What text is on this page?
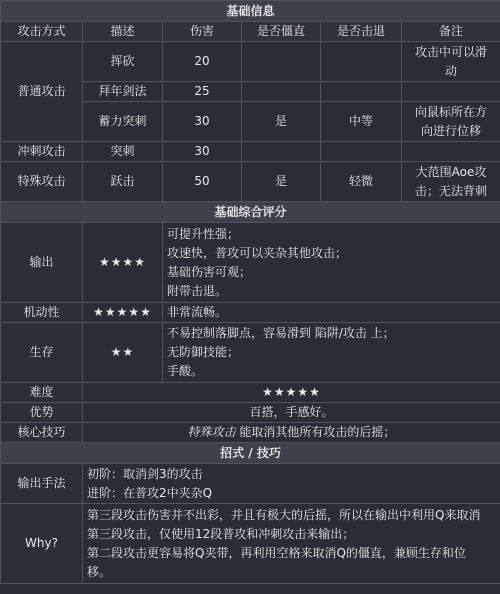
基础信息					
攻击方式	描述	伤害	是否僵直	是否击退	备注
普通攻击	挥砍	20			攻击中可以滑
动

	拜年剑法	25			
	蓄力突刺	30	是	中等	向鼠标所在方
向进行位移

冲刺攻击	突刺	30			
特殊攻击	跃击	50	是	轻微	大范围Aoe攻
击；无法背刺

基础综合评分					
输出	★★★★	可提升性强；
攻速快，普攻可以夹杂其他攻击；
基础伤害可观；
附带击退。			

机动性	★★★★★	非常流畅。			
生存	★★	不易控制落脚点，容易滑到 陷阱/攻击 上；
无防御技能；
手酸。			

难度	★★★★★				
优势	百搭，手感好。				
核心技巧	特殊攻击 能取消其他所有攻击的后摇；				
招式 / 技巧					
输出手法	初阶：取消剑3的攻击
进阶：在普攻2中夹杂Q				

Why?	第三段攻击伤害并不出彩，并且有极大的后摇，所以在输出中利用Q来取消
第三段攻击，仅使用12段普攻和冲刺攻击来输出；
第二段攻击更容易将Q夹带，再利用空格来取消Q的僵直，兼顾生存和位
移。				
